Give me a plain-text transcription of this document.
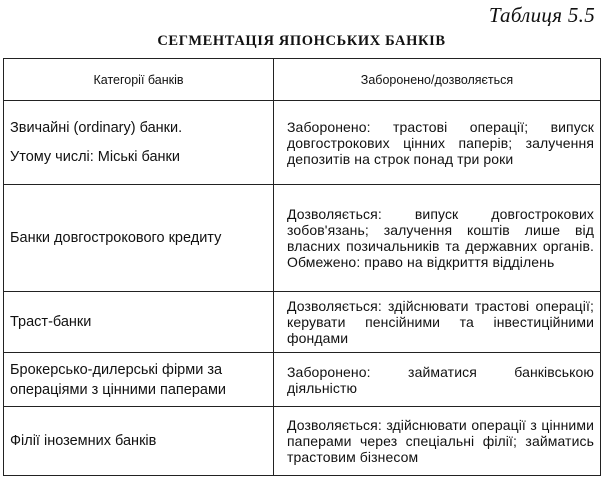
Таблиця 5.5
СЕГМЕНТАЦІЯ ЯПОНСЬКИХ БАНКІВ
Категорії банків	Заборонено/дозволяється

Звичайні (ordinary) банки.
Утому числі: Міські банки	Заборонено: трастові операції; випуск довгострокових цінних паперів; залучення депозитів на строк понад три роки

Банки довгострокового кредиту	Дозволяється: випуск довгострокових зобов'язань; залучення коштів лише від власних позичальників та державних органів. Обмежено: право на відкриття відділень

Траст-банки	Дозволяється: здійснювати трастові операції; керувати пенсійними та інвестиційними фондами

Брокерсько-дилерські фірми за
операціями з цінними паперами	Заборонено: займатися банківською діяльністю

Філії іноземних банків	Дозволяється: здійснювати операції з цінними паперами через спеціальні філії; займатись трастовим бізнесом
